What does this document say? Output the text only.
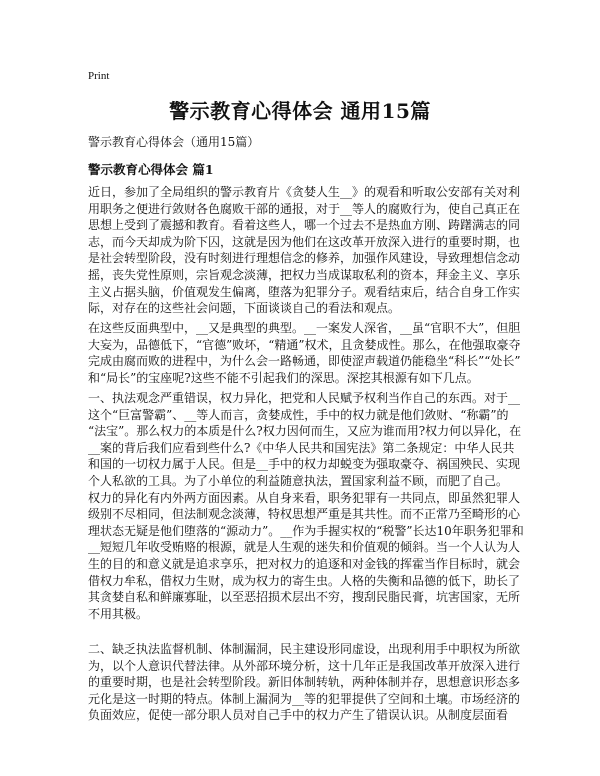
Print
警示教育心得体会 通用15篇
警示教育心得体会（通用15篇）
警示教育心得体会 篇1
近日，参加了全局组织的警示教育片《贪婪人生__》的观看和听取公安部有关对利
用职务之便进行敛财各色腐败干部的通报，对于__等人的腐败行为，使自己真正在
思想上受到了震撼和教育。看着这些人，哪一个过去不是热血方刚、踌躇满志的同
志，而今天却成为阶下囚，这就是因为他们在这改革开放深入进行的重要时期，也
是社会转型阶段，没有时刻进行理想信念的修养，加强作风建设，导致理想信念动
摇，丧失党性原则，宗旨观念淡薄，把权力当成谋取私利的资本，拜金主义、享乐
主义占据头脑，价值观发生偏离，堕落为犯罪分子。观看结束后，结合自身工作实
际，对存在的这些社会问题，下面谈谈自己的看法和观点。
在这些反面典型中，__又是典型的典型。__一案发人深省，__虽“官职不大”，但胆
大妄为，品德低下，“官德”败坏，“精通”权术，且贪婪成性。那么，在他强取豪夺
完成由腐而败的进程中，为什么会一路畅通，即使涩声载道仍能稳坐“科长”“处长”
和“局长”的宝座呢?这些不能不引起我们的深思。深挖其根源有如下几点。
一、执法观念严重错误，权力异化，把党和人民赋予权利当作自己的东西。对于__
这个“巨富警霸”、__等人而言，贪婪成性，手中的权力就是他们敛财、“称霸”的
“法宝”。那么权力的本质是什么?权力因何而生，又应为谁而用?权力何以异化，在
__案的背后我们应看到些什么?《中华人民共和国宪法》第二条规定：中华人民共
和国的一切权力属于人民。但是__手中的权力却蜕变为强取豪夺、祸国殃民、实现
个人私欲的工具。为了小单位的利益随意执法，置国家利益不顾，而肥了自己。
权力的异化有内外两方面因素。从自身来看，职务犯罪有一共同点，即虽然犯罪人
级别不尽相同，但法制观念淡薄，特权思想严重是其共性。而不正常乃至畸形的心
理状态无疑是他们堕落的“源动力”。__作为手握实权的“税警”长达10年职务犯罪和
__短短几年收受贿赂的根源，就是人生观的迷失和价值观的倾斜。当一个人认为人
生的目的和意义就是追求享乐，把对权力的追逐和对金钱的挥霍当作目标时，就会
借权力牟私，借权力生财，成为权力的寄生虫。人格的失衡和品德的低下，助长了
其贪婪自私和鲜廉寡耻，以至恶招损术层出不穷，搜刮民脂民膏，坑害国家，无所
不用其极。
二、缺乏执法监督机制、体制漏洞，民主建设形同虚设，出现利用手中职权为所欲
为，以个人意识代替法律。从外部环境分析，这十几年正是我国改革开放深入进行
的重要时期，也是社会转型阶段。新旧体制转轨，两种体制并存，思想意识形态多
元化是这一时期的特点。体制上漏洞为__等的犯罪提供了空间和土壤。市场经济的
负面效应，促使一部分职人员对自己手中的权力产生了错误认识。从制度层面看
